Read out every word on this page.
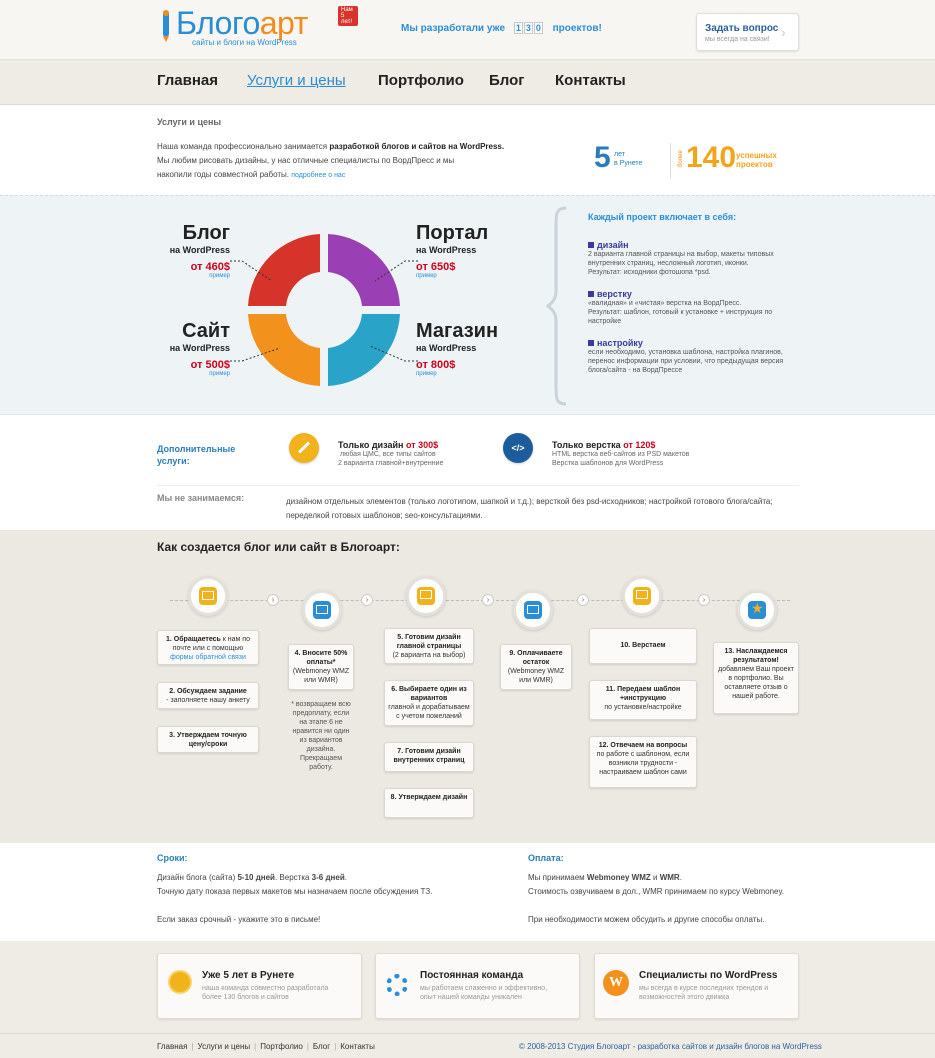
Блогоарт
сайты и блоги на WordPress
Нам 5 лет!
Мы разработали уже 1 3 0 проектов!	Задать вопрос
мы всегда на связи! ›
Главная Услуги и цены Портфолио Блог Контакты
Услуги и цены
Наша команда профессионально занимается разработкой блогов и сайтов на WordPress.
Мы любим рисовать дизайны, у нас отличные специалисты по ВордПресс и мы
накопили годы совместной работы. подробнее о нас
5 лет
в Рунете	более 140 успешных
проектов
Блог
на WordPress
от 460$
пример
Портал
на WordPress
от 650$
пример
Сайт
на WordPress
от 500$
пример
Магазин
на WordPress
от 800$
пример
Каждый проект включает в себя:
дизайн
2 варианта главной страницы на выбор, макеты типовых
внутренних страниц, несложный логотип, иконки.
Результат: исходники фотошопа *psd.
верстку
«валидная» и «чистая» верстка на ВордПресс.
Результат: шаблон, готовый к установке + инструкция по
настройке
настройку
если необходимо, установка шаблона, настройка плагинов,
перенос информации при условии, что предыдущая версия
блога/сайта - на ВордПрессе
Дополнительные
услуги:
Только дизайн от 300$
любая ЦМС, все типы сайтов
2 варианта главной+внутренние
</>	Только верстка от 120$
HTML верстка веб-сайтов из PSD макетов
Верстка шаблонов для WordPress
Мы не занимаемся:	дизайном отдельных элементов (только логотипом, шапкой и т.д.); версткой без psd-исходников; настройкой готового блога/сайта;
переделкой готовых шаблонов; seo-консультациями.
Как создается блог или сайт в Блогоарт:
★
›	›	›	›	›
1. Обращаетесь к нам по почте или с помощью
формы обратной связи
2. Обсуждаем задание
- заполняете нашу анкету
3. Утверждаем точную цену/сроки
4. Вносите 50% оплаты*
(Webmoney WMZ или WMR)
* возвращаем всю предоплату, если на этапе 6 не нравится ни один из вариантов дизайна. Прекращаем работу.
5. Готовим дизайн главной страницы
(2 варианта на выбор)
6. Выбираете один из вариантов
главной и дорабатываем с учетом пожеланий
7. Готовим дизайн внутренних страниц
8. Утверждаем дизайн
9. Оплачиваете остаток
(Webmoney WMZ или WMR)
10. Верстаем
11. Передаем шаблон +инструкцию
по установке/настройке
12. Отвечаем на вопросы
по работе с шаблоном, если возникли трудности - настраиваем шаблон сами
13. Наслаждаемся результатом!
добавляем Ваш проект в портфолио. Вы оставляете отзыв о нашей работе.
Сроки:
Дизайн блога (сайта) 5-10 дней. Верстка 3-6 дней.
Точную дату показа первых макетов мы назначаем после обсуждения ТЗ.
Если заказ срочный - укажите это в письме!
Оплата:
Мы принимаем Webmoney WMZ и WMR.
Стоимость озвучиваем в дол., WMR принимаем по курсу Webmoney.
При необходимости можем обсудить и другие способы оплаты.
Уже 5 лет в Рунете
наша команда совместно разработала
более 130 блогов и сайтов
Постоянная команда
мы работаем слаженно и эффективно,
опыт нашей команды уникален
W	Специалисты по WordPress
мы всегда в курсе последних трендов и
возможностей этого движка
Главная | Услуги и цены | Портфолио | Блог | Контакты	© 2008-2013 Студия Блогоарт - разработка сайтов и дизайн блогов на WordPress
